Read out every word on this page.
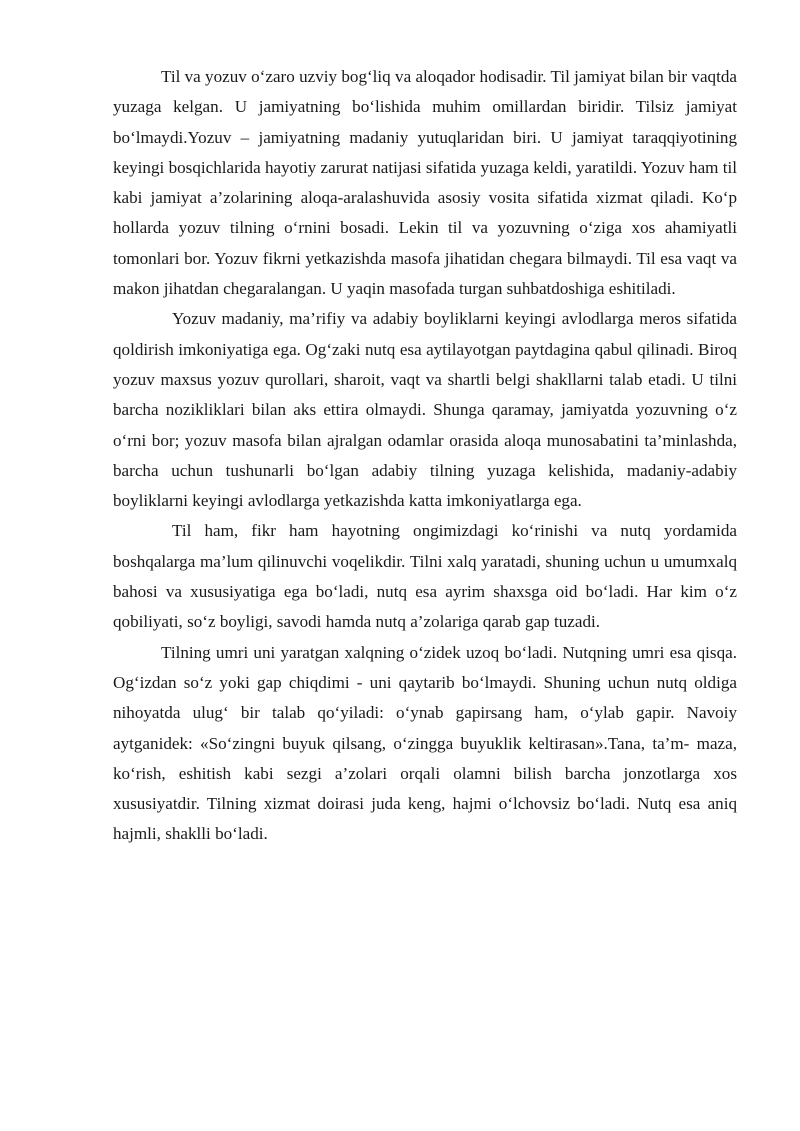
Til va yozuv o‘zaro uzviy bog‘liq va aloqador hodisadir. Til jamiyat bilan bir vaqtda yuzaga kelgan. U jamiyatning bo‘lishida muhim omillardan biridir. Tilsiz jamiyat bo‘lmaydi.Yozuv – jamiyatning madaniy yutuqlaridan biri. U jamiyat taraqqiyotining keyingi bosqichlarida hayotiy zarurat natijasi sifatida yuzaga keldi, yaratildi. Yozuv ham til kabi jamiyat a’zolarining aloqa-aralashuvida asosiy vosita sifatida xizmat qiladi. Ko‘p hollarda yozuv tilning o‘rnini bosadi. Lekin til va yozuvning o‘ziga xos ahamiyatli tomonlari bor. Yozuv fikrni yetkazishda masofa jihatidan chegara bilmaydi. Til esa vaqt va makon jihatdan chegaralangan. U yaqin masofada turgan suhbatdoshiga eshitiladi.

Yozuv madaniy, ma’rifiy va adabiy boyliklarni keyingi avlodlarga meros sifatida qoldirish imkoniyatiga ega. Og‘zaki nutq esa aytilayotgan paytdagina qabul qilinadi. Biroq yozuv maxsus yozuv qurollari, sharoit, vaqt va shartli belgi shakllarni talab etadi. U tilni barcha nozikliklari bilan aks ettira olmaydi. Shunga qaramay, jamiyatda yozuvning o‘z o‘rni bor; yozuv masofa bilan ajralgan odamlar orasida aloqa munosabatini ta’minlashda, barcha uchun tushunarli bo‘lgan adabiy tilning yuzaga kelishida, madaniy-adabiy boyliklarni keyingi avlodlarga yetkazishda katta imkoniyatlarga ega.

Til ham, fikr ham hayotning ongimizdagi ko‘rinishi va nutq yordamida boshqalarga ma’lum qilinuvchi voqelikdir. Tilni xalq yaratadi, shuning uchun u umumxalq bahosi va xususiyatiga ega bo‘ladi, nutq esa ayrim shaxsga oid bo‘ladi. Har kim o‘z qobiliyati, so‘z boyligi, savodi hamda nutq a’zolariga qarab gap tuzadi.

Tilning umri uni yaratgan xalqning o‘zidek uzoq bo‘ladi. Nutqning umri esa qisqa. Og‘izdan so‘z yoki gap chiqdimi - uni qaytarib bo‘lmaydi. Shuning uchun nutq oldiga nihoyatda ulug‘ bir talab qo‘yiladi: o‘ynab gapirsang ham, o‘ylab gapir. Navoiy aytganidek: «So‘zingni buyuk qilsang, o‘zingga buyuklik keltirasan».Tana, ta’m- maza, ko‘rish, eshitish kabi sezgi a’zolari orqali olamni bilish barcha jonzotlarga xos xususiyatdir. Tilning xizmat doirasi juda keng, hajmi o‘lchovsiz bo‘ladi. Nutq esa aniq hajmli, shaklli bo‘ladi.
